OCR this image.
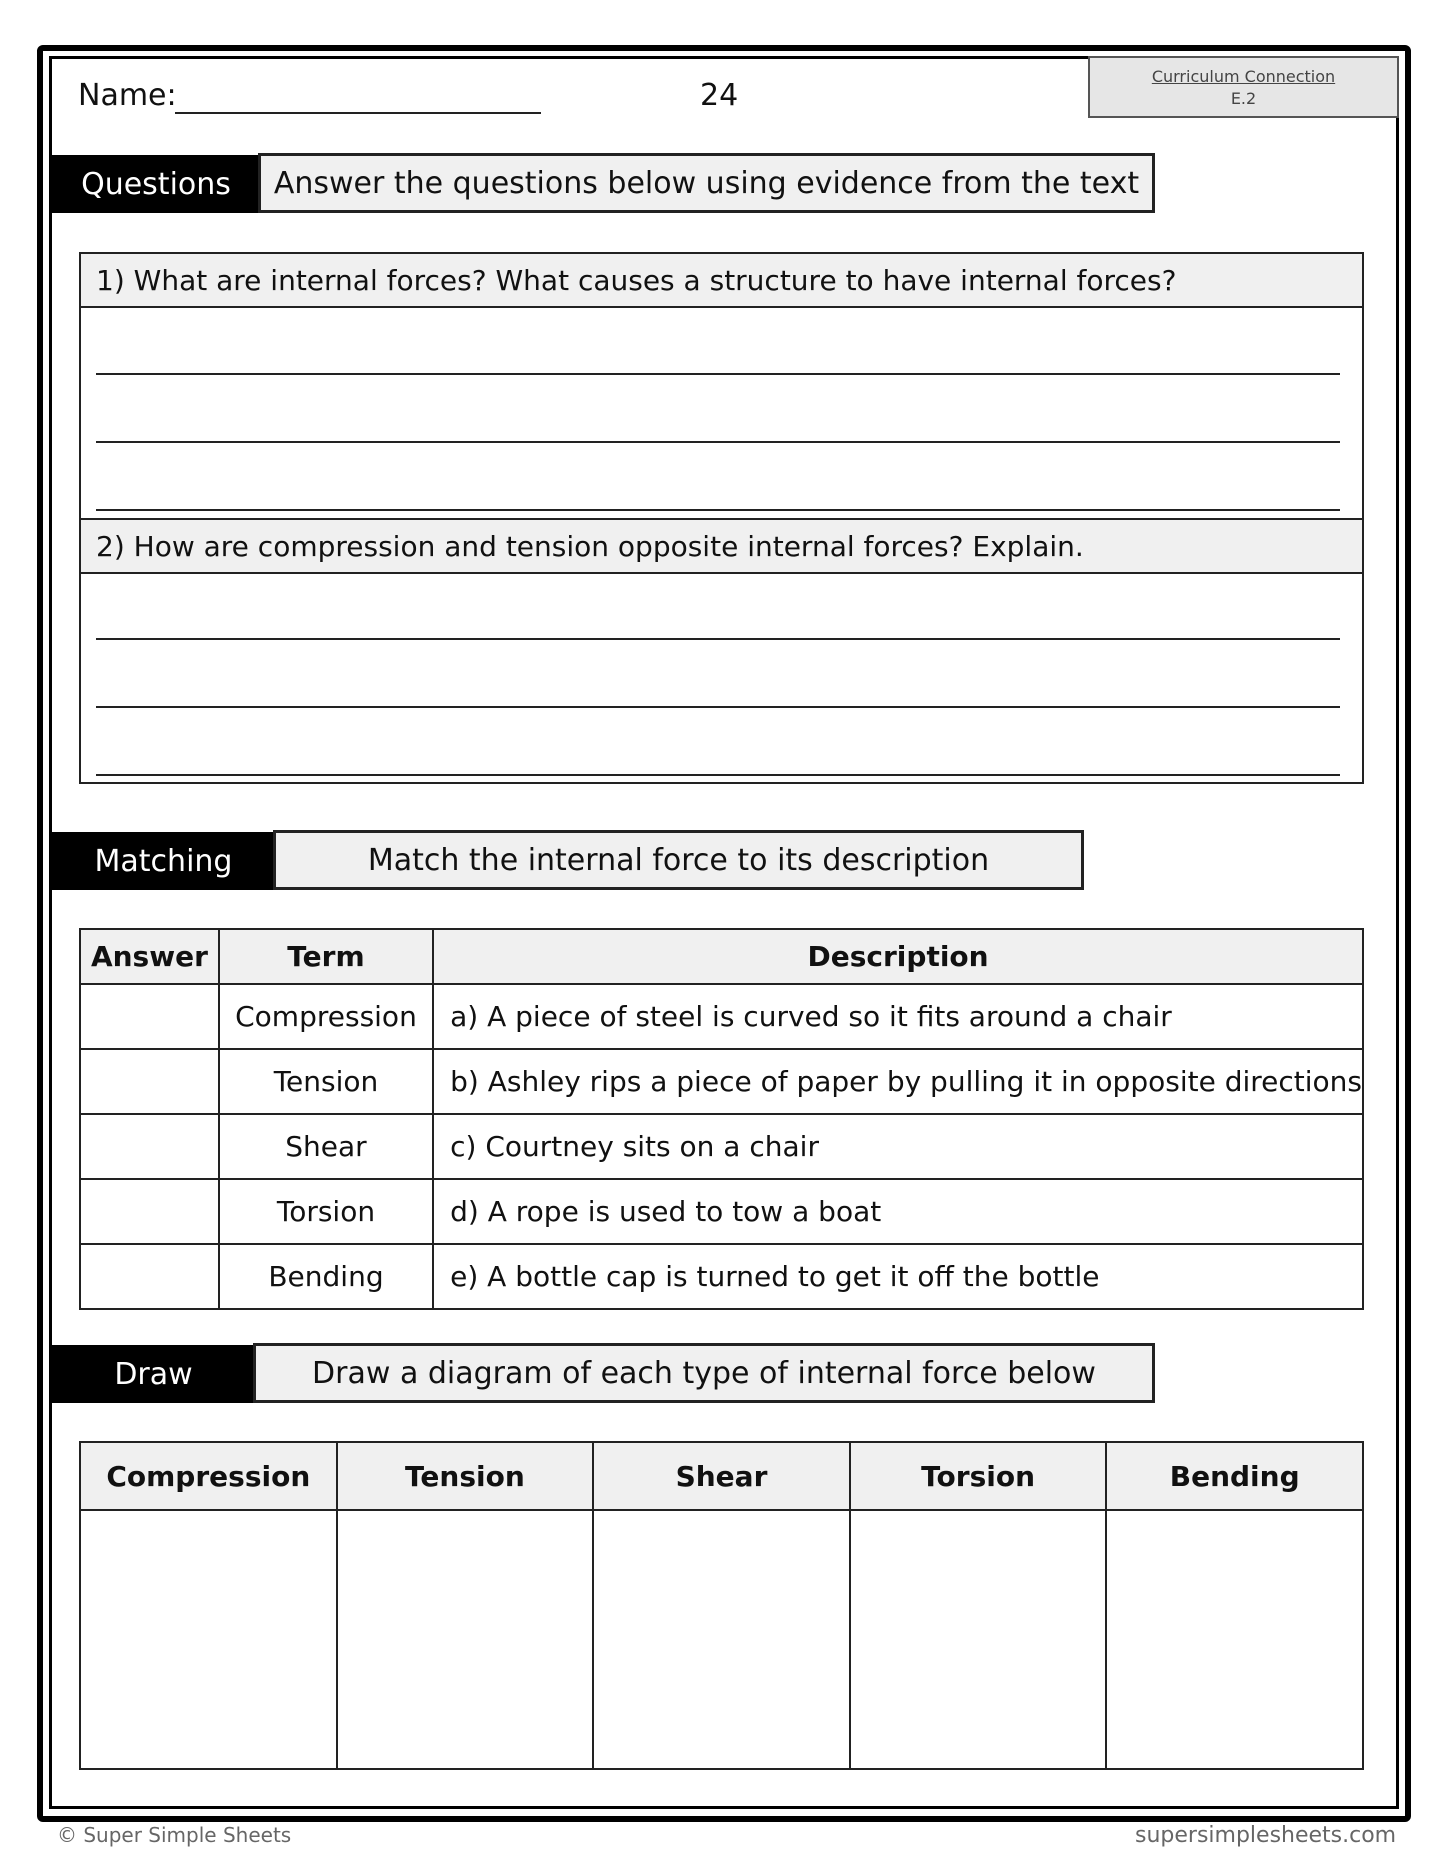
Name:	24
Curriculum Connection
E.2
Questions	Answer the questions below using evidence from the text
1) What are internal forces? What causes a structure to have internal forces?
2) How are compression and tension opposite internal forces? Explain.
Matching	Match the internal force to its description
Answer	Term	Description
	Compression	a) A piece of steel is curved so it fits around a chair
	Tension	b) Ashley rips a piece of paper by pulling it in opposite directions
	Shear	c) Courtney sits on a chair
	Torsion	d) A rope is used to tow a boat
	Bending	e) A bottle cap is turned to get it off the bottle
Draw	Draw a diagram of each type of internal force below
Compression	Tension	Shear	Torsion	Bending

© Super Simple Sheets	supersimplesheets.com
